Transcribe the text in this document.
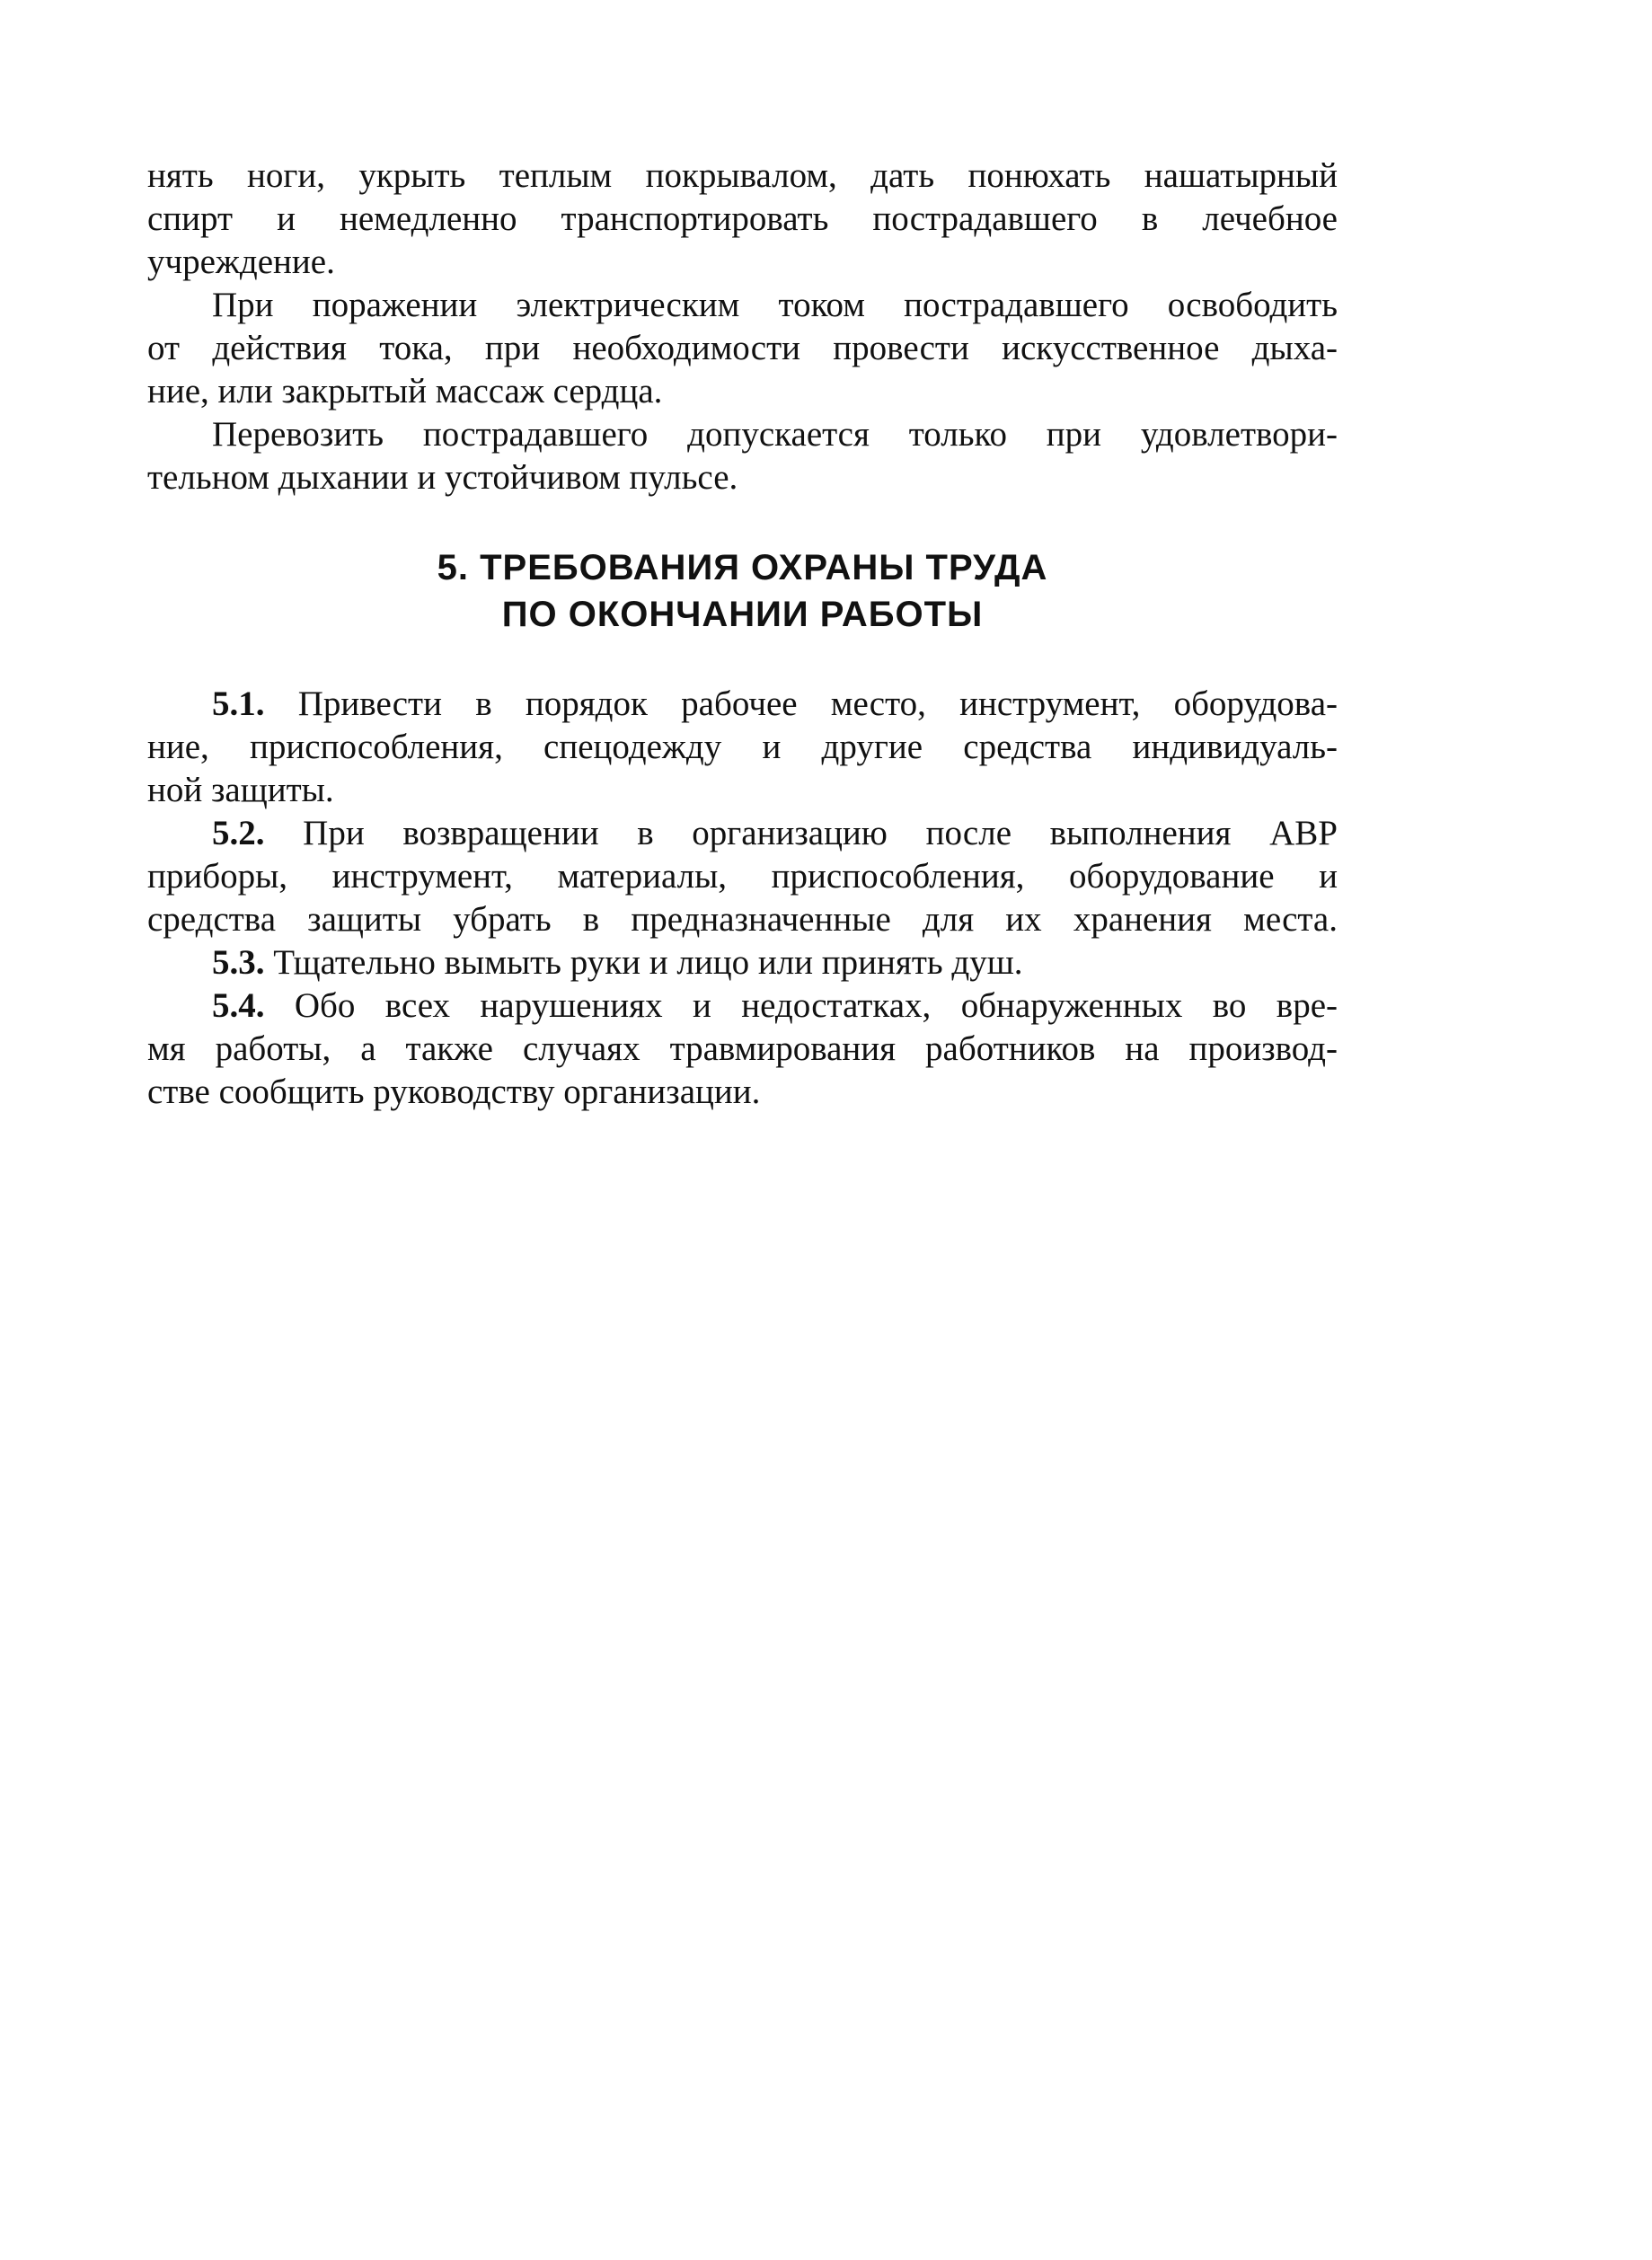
нять ноги, укрыть теплым покрывалом, дать понюхать нашатырный
спирт и немедленно транспортировать пострадавшего в лечебное
учреждение.
При поражении электрическим током пострадавшего освободить
от действия тока, при необходимости провести искусственное дыха-
ние, или закрытый массаж сердца.
Перевозить пострадавшего допускается только при удовлетвори-
тельном дыхании и устойчивом пульсе.
5. ТРЕБОВАНИЯ ОХРАНЫ ТРУДА
ПО ОКОНЧАНИИ РАБОТЫ
5.1. Привести в порядок рабочее место, инструмент, оборудова-
ние, приспособления, спецодежду и другие средства индивидуаль-
ной защиты.
5.2. При возвращении в организацию после выполнения АВР
приборы, инструмент, материалы, приспособления, оборудование и
средства защиты убрать в предназначенные для их хранения места.
5.3. Тщательно вымыть руки и лицо или принять душ.
5.4. Обо всех нарушениях и недостатках, обнаруженных во вре-
мя работы, а также случаях травмирования работников на производ-
стве сообщить руководству организации.
